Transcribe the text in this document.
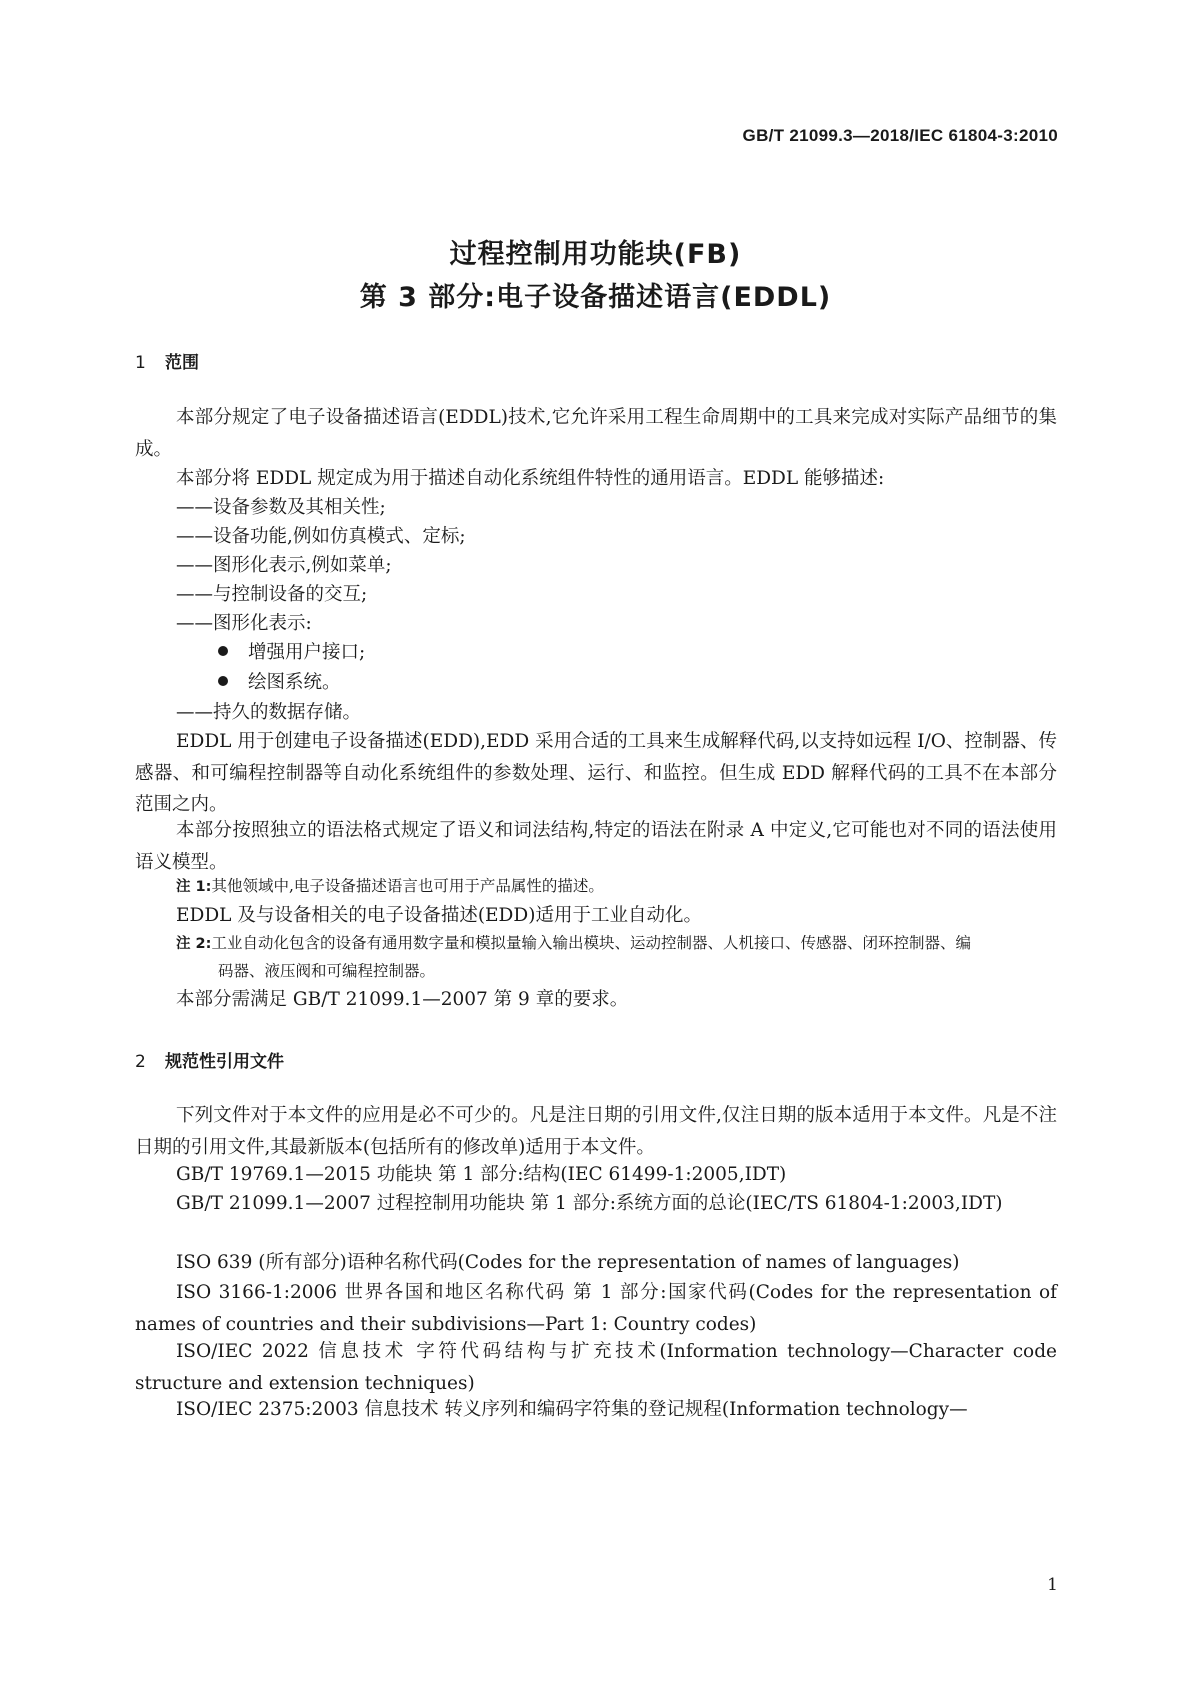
GB/T 21099.3—2018/IEC 61804-3:2010
过程控制用功能块(FB)
第 3 部分:电子设备描述语言(EDDL)
1 范围
本部分规定了电子设备描述语言(EDDL)技术,它允许采用工程生命周期中的工具来完成对实际产品细节的集成。
本部分将 EDDL 规定成为用于描述自动化系统组件特性的通用语言。EDDL 能够描述:
——设备参数及其相关性;
——设备功能,例如仿真模式、定标;
——图形化表示,例如菜单;
——与控制设备的交互;
——图形化表示:
增强用户接口;
绘图系统。
——持久的数据存储。
EDDL 用于创建电子设备描述(EDD),EDD 采用合适的工具来生成解释代码,以支持如远程 I/O、控制器、传感器、和可编程控制器等自动化系统组件的参数处理、运行、和监控。但生成 EDD 解释代码的工具不在本部分范围之内。
本部分按照独立的语法格式规定了语义和词法结构,特定的语法在附录 A 中定义,它可能也对不同的语法使用语义模型。
注 1:其他领域中,电子设备描述语言也可用于产品属性的描述。
EDDL 及与设备相关的电子设备描述(EDD)适用于工业自动化。
注 2:工业自动化包含的设备有通用数字量和模拟量输入输出模块、运动控制器、人机接口、传感器、闭环控制器、编
码器、液压阀和可编程控制器。
本部分需满足 GB/T 21099.1—2007 第 9 章的要求。
2 规范性引用文件
下列文件对于本文件的应用是必不可少的。凡是注日期的引用文件,仅注日期的版本适用于本文件。凡是不注日期的引用文件,其最新版本(包括所有的修改单)适用于本文件。
GB/T 19769.1—2015 功能块 第 1 部分:结构(IEC 61499-1:2005,IDT)
GB/T 21099.1—2007 过程控制用功能块 第 1 部分:系统方面的总论(IEC/TS 61804-1:2003,IDT)
ISO 639 (所有部分)语种名称代码(Codes for the representation of names of languages)
ISO 3166-1:2006 世界各国和地区名称代码 第 1 部分:国家代码(Codes for the representation of names of countries and their subdivisions—Part 1: Country codes)
ISO/IEC 2022 信息技术 字符代码结构与扩充技术(Information technology—Character code structure and extension techniques)
ISO/IEC 2375:2003 信息技术 转义序列和编码字符集的登记规程(Information technology—
1
